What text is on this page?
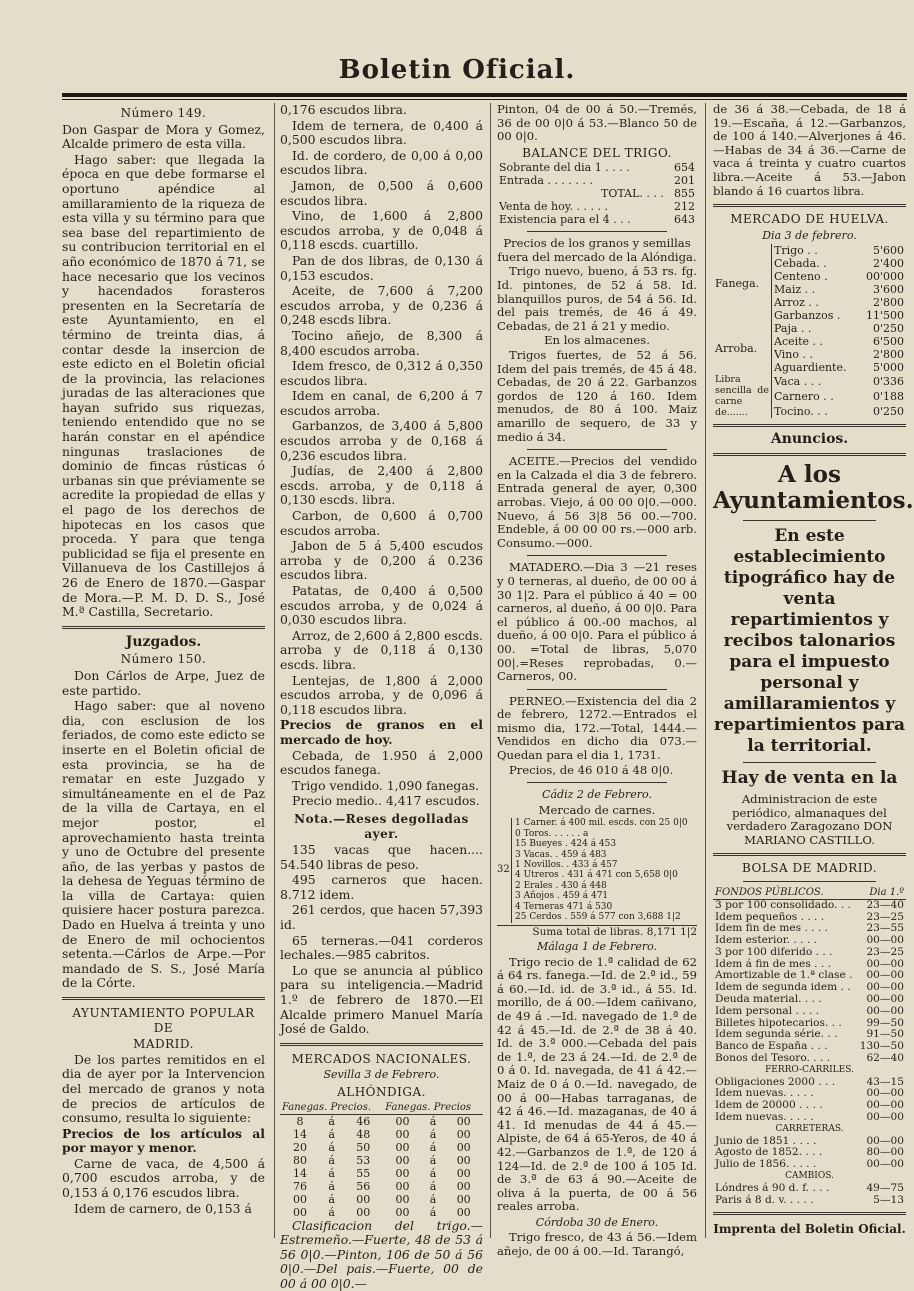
Boletin Oficial.
Número 149.

Don Gaspar de Mora y Gomez, Alcalde primero de esta villa.

Hago saber: que llegada la época en que debe formarse el oportuno apéndice al amillaramiento de la riqueza de esta villa y su término para que sea base del repartimiento de su contribucion territorial en el año económico de 1870 á 71, se hace necesario que los vecinos y hacendados forasteros presenten en la Secretaría de este Ayuntamiento, en el término de treinta dias, á contar desde la insercion de este edicto en el Boletin oficial de la provincia, las relaciones juradas de las alteraciones que hayan sufrido sus riquezas, teniendo entendido que no se harán constar en el apéndice ningunas traslaciones de dominio de fincas rústicas ó urbanas sin que préviamente se acredite la propiedad de ellas y el pago de los derechos de hipotecas en los casos que proceda. Y para que tenga publicidad se fija el presente en Villanueva de los Castillejos á 26 de Enero de 1870.—Gaspar de Mora.—P. M. D. D. S., José M.ª Castilla, Secretario.

Juzgados.
Número 150.

Don Cárlos de Arpe, Juez de este partido.

Hago saber: que al noveno dia, con esclusion de los feriados, de como este edicto se inserte en el Boletin oficial de esta provincia, se ha de rematar en este Juzgado y simultáneamente en el de Paz de la villa de Cartaya, en el mejor postor, el aprovechamiento hasta treinta y uno de Octubre del presente año, de las yerbas y pastos de la dehesa de Yeguas término de la villa de Cartaya: quien quisiere hacer postura parezca. Dado en Huelva á treinta y uno de Enero de mil ochocientos setenta.—Cárlos de Arpe.—Por mandado de S. S., José María de la Córte.

AYUNTAMIENTO POPULAR DE
MADRID.

De los partes remitidos en el dia de ayer por la Intervencion del mercado de granos y nota de precios de artículos de consumo, resulta lo siguiente:

Precios de los artículos al por mayor y menor.

Carne de vaca, de 4,500 á 0,700 escudos arroba, y de 0,153 á 0,176 escudos libra.

Idem de carnero, de 0,153 á

0,176 escudos libra.

Idem de ternera, de 0,400 á 0,500 escudos libra.

Id. de cordero, de 0,00 á 0,00 escudos libra.

Jamon, de 0,500 á 0,600 escudos libra.

Vino, de 1,600 á 2,800 escudos arroba, y de 0,048 á 0,118 escds. cuartillo.

Pan de dos libras, de 0,130 á 0,153 escudos.

Aceite, de 7,600 á 7,200 escudos arroba, y de 0,236 á 0,248 escds libra.

Tocino añejo, de 8,300 á 8,400 escudos arroba.

Idem fresco, de 0,312 á 0,350 escudos libra.

Idem en canal, de 6,200 á 7 escudos arroba.

Garbanzos, de 3,400 á 5,800 escudos arroba y de 0,168 á 0,236 escudos libra.

Judías, de 2,400 á 2,800 escds. arroba, y de 0,118 á 0,130 escds. libra.

Carbon, de 0,600 á 0,700 escudos arroba.

Jabon de 5 á 5,400 escudos arroba y de 0,200 á 0.236 escudos libra.

Patatas, de 0,400 á 0,500 escudos arroba, y de 0,024 á 0,030 escudos libra.

Arroz, de 2,600 á 2,800 escds. arroba y de 0,118 á 0,130 escds. libra.

Lentejas, de 1,800 á 2,000 escudos arroba, y de 0,096 á 0,118 escudos libra.

Precios de granos en el mercado de hoy.

Cebada, de 1.950 á 2,000 escudos fanega.

Trigo vendido. 1,090 fanegas.

Precio medio.. 4,417 escudos.

Nota.—Reses degolladas ayer.

135 vacas que hacen.... 54.540 libras de peso.

495 carneros que hacen. 8.712 idem.

261 cerdos, que hacen 57,393 id.

65 terneras.—041 corderos lechales.—985 cabritos.

Lo que se anuncia al público para su inteligencia.—Madrid 1.º de febrero de 1870.—El Alcalde primero Manuel María José de Galdo.

MERCADOS NACIONALES.
Sevilla 3 de Febrero.
ALHÓNDIGA.
Fanegas. Precios.			Fanegas. Precios		
8	á	46	00	á	00
14	á	48	00	á	00
20	á	50	00	á	00
80	á	53	00	á	00
14	á	55	00	á	00
76	á	56	00	á	00
00	á	00	00	á	00
00	á	00	00	á	00

Clasificacion del trigo.—Estremeño.—Fuerte, 48 de 53 á 56 0|0.—Pinton, 106 de 50 á 56 0|0.—Del pais.—Fuerte, 00 de 00 á 00 0|0.—

Pinton, 04 de 00 á 50.—Tremés, 36 de 00 0|0 á 53.—Blanco 50 de 00 0|0.

BALANCE DEL TRIGO.
Sobrante del dia 1 . . . .	654
Entrada . . . . . . .	201
TOTAL. . . .	855
Venta de hoy. . . . . .	212
Existencia para el 4 . . .	643

Precios de los granos y semillas fuera del mercado de la Alóndiga.

Trigo nuevo, bueno, á 53 rs. fg. Id. pintones, de 52 á 58. Id. blanquillos puros, de 54 á 56. Id. del pais tremés, de 46 á 49. Cebadas, de 21 á 21 y medio.

En los almacenes.

Trigos fuertes, de 52 á 56. Idem del pais tremés, de 45 á 48. Cebadas, de 20 á 22. Garbanzos gordos de 120 á 160. Idem menudos, de 80 á 100. Maiz amarillo de sequero, de 33 y medio á 34.

ACEITE.—Precios del vendido en la Calzada el dia 3 de febrero. Entrada general de ayer, 0,300 arrobas. Viejo, á 00 00 0|0.—000. Nuevo, á 56 3|8 56 00.—700. Endeble, á 00 00 00 rs.—000 arb. Consumo.—000.

MATADERO.—Dia 3 —21 reses y 0 terneras, al dueño, de 00 00 á 30 1|2. Para el público á 40 = 00 carneros, al dueño, á 00 0|0. Para el público á 00.-00 machos, al dueño, á 00 0|0. Para el público á 00. =Total de libras, 5,070 00|.=Reses reprobadas, 0.—Carneros, 00.

PERNEO.—Existencia del dia 2 de febrero, 1272.—Entrados el mismo dia, 172.—Total, 1444.—Vendidos en dicho dia 073.—Quedan para el dia 1, 1731.

Precios, de 46 010 á 48 0|0.

Cádiz 2 de Febrero.

Mercado de carnes.

32
1 Carner. á 400 mil. escds. con 25 0|0
0 Toros. . . . . . a
15 Bueyes . 424 á 453
3 Vacas. . 459 á 483
1 Novillos. . 433 á 457
4 Utreros . 431 á 471 con 5,658 0|0
2 Erales . 430 á 448
3 Añojos . 459 á 471
4 Terneras 471 á 530
25 Cerdos . 559 á 577 con 3,688 1|2

Suma total de libras. 8,171 1|2

Málaga 1 de Febrero.

Trigo recio de 1.ª calidad de 62 á 64 rs. fanega.—Id. de 2.ª id., 59 á 60.—Id. id. de 3.ª id., á 55. Id. morillo, de á 00.—Idem cañivano, de 49 á .—Id. navegado de 1.ª de 42 á 45.—Id. de 2.ª de 38 á 40. Id. de 3.ª 000.—Cebada del pais de 1.ª, de 23 á 24.—Id. de 2.ª de 0 á 0. Id. navegada, de 41 á 42.—Maiz de 0 á 0.—Id. navegado, de 00 á 00—Habas tarraganas, de 42 á 46.—Id. mazaganas, de 40 á 41. Id menudas de 44 á 45.—Alpiste, de 64 á 65-Yeros, de 40 á 42.—Garbanzos de 1.ª, de 120 á 124—Id. de 2.ª de 100 á 105 Id. de 3.ª de 63 á 90.—Aceite de oliva á la puerta, de 00 á 56 reales arroba.

Córdoba 30 de Enero.

Trigo fresco, de 43 á 56.—Idem añejo, de 00 á 00.—Id. Tarangó,

de 36 á 38.—Cebada, de 18 á 19.—Escaña, á 12.—Garbanzos, de 100 á 140.—Alverjones á 46.—Habas de 34 á 36.—Carne de vaca á treinta y cuatro cuartos libra.—Aceite á 53.—Jabon blando á 16 cuartos libra.

MERCADO DE HUELVA.
Dia 3 de febrero.
Fanega.	Trigo . .	5'600
	Cebada. .	2'400
	Centeno .	00'000
	Maiz . .	3'600
	Arroz . .	2'800
	Garbanzos .	11'500
Arroba.	Paja . .	0'250
	Aceite . .	6'500
	Vino . .	2'800
	Aguardiente.	5'000
Libra sencilla de carne de.......	Vaca . . .	0'336
	Carnero . .	0'188
	Tocino. . .	0'250
Anuncios.
A los Ayuntamientos.
En este establecimiento tipográfico hay de venta repartimientos y recibos talonarios para el impuesto personal y amillaramientos y repartimientos para la territorial.
Hay de venta en la

Administracion de este periódico, almanaques del verdadero Zaragozano DON MARIANO CASTILLO.

BOLSA DE MADRID.
FONDOS PÚBLICOS.	Dia 1.º
3 por 100 consolidado. . .	23—40
Idem pequeños . . . .	23—25
Idem fin de mes . . . .	23—55
Idem esterior. . . . .	00—00
3 por 100 diferido . . .	23—25
Idem á fin de mes . . .	00—00
Amortizable de 1.ª clase .	00—00
Idem de segunda idem . .	00—00
Deuda material. . . .	00—00
Idem personal . . . .	00—00
Billetes hipotecarios. . .	99—50
Idem segunda série. . .	91—50
Banco de España . . .	130—50
Bonos del Tesoro. . . .	62—40
FERRO-CARRILES.	
Obligaciones 2000 . . .	43—15
Idem nuevas. . . . .	00—00
Idem de 20000 . . . .	00—00
Idem nuevas. . . . .	00—00
CARRETERAS.	
Junio de 1851 . . . .	00—00
Agosto de 1852. . . .	80—00
Julio de 1856. . . . .	00—00
CAMBIOS.	
Lóndres á 90 d. f. . . .	49—75
Paris á 8 d. v. . . . .	5—13
Imprenta del Boletin Oficial.
